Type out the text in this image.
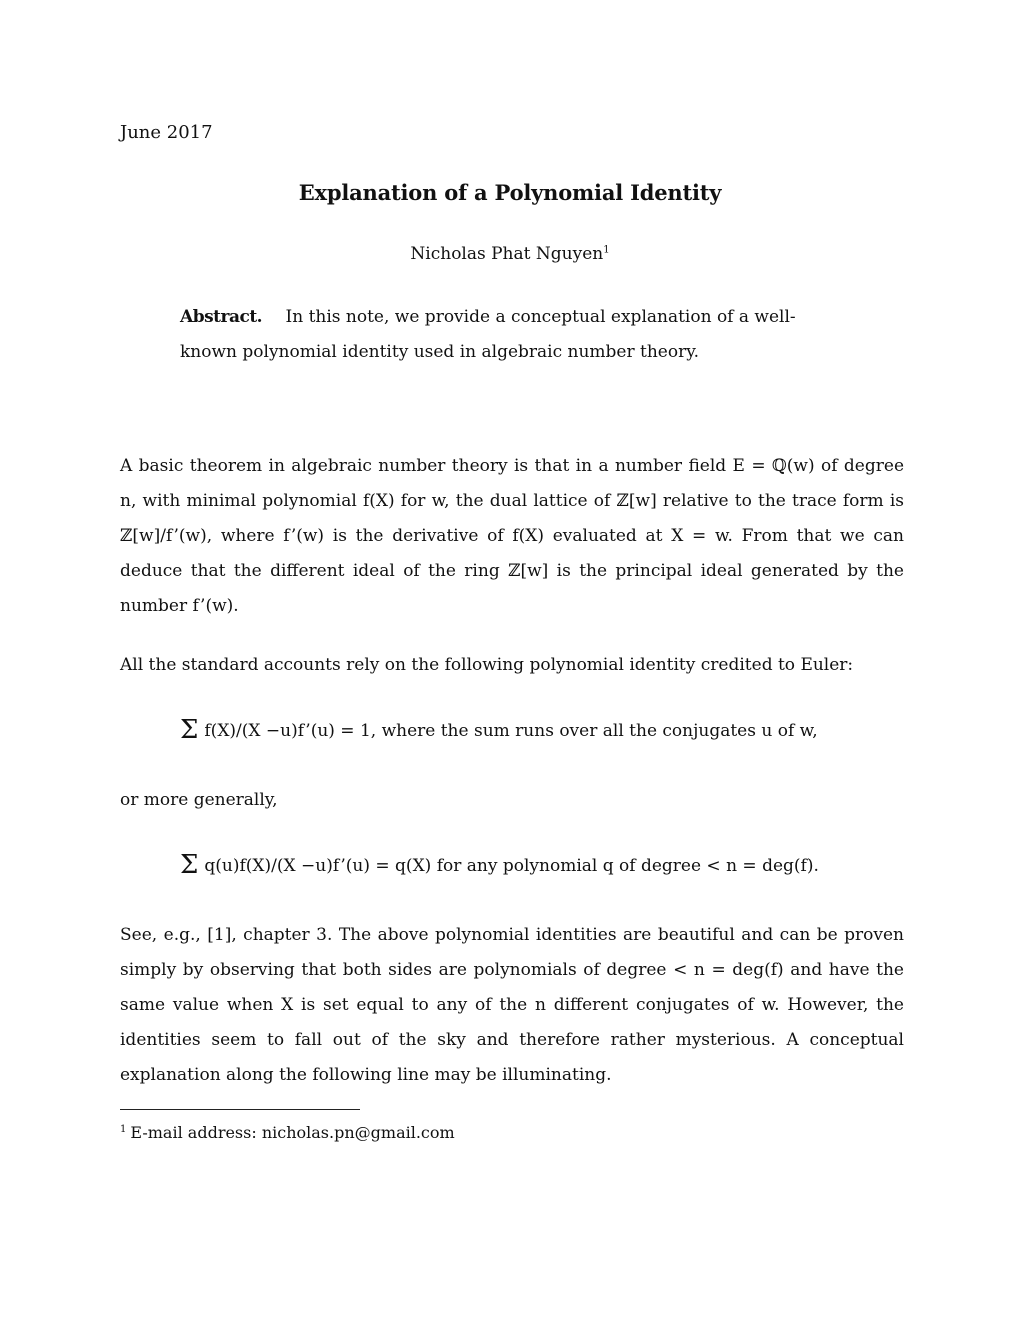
June 2017
Explanation of a Polynomial Identity
Nicholas Phat Nguyen$^1$
Abstract. In this note, we provide a conceptual explanation of a well-known polynomial identity used in algebraic number theory.
A basic theorem in algebraic number theory is that in a number field E = ℚ(w) of degree n, with minimal polynomial f(X) for w, the dual lattice of ℤ[w] relative to the trace form is ℤ[w]/f’(w), where f’(w) is the derivative of f(X) evaluated at X = w. From that we can deduce that the different ideal of the ring ℤ[w] is the principal ideal generated by the number f’(w).
All the standard accounts rely on the following polynomial identity credited to Euler:
Σf(X)/(X −u)f’(u) = 1, where the sum runs over all the conjugates u of w,
or more generally,
Σq(u)f(X)/(X −u)f’(u) = q(X) for any polynomial q of degree < n = deg(f).
See, e.g., [1], chapter 3. The above polynomial identities are beautiful and can be proven simply by observing that both sides are polynomials of degree < n = deg(f) and have the same value when X is set equal to any of the n different conjugates of w. However, the identities seem to fall out of the sky and therefore rather mysterious. A conceptual explanation along the following line may be illuminating.
$^1$ E-mail address: nicholas.pn@gmail.com
